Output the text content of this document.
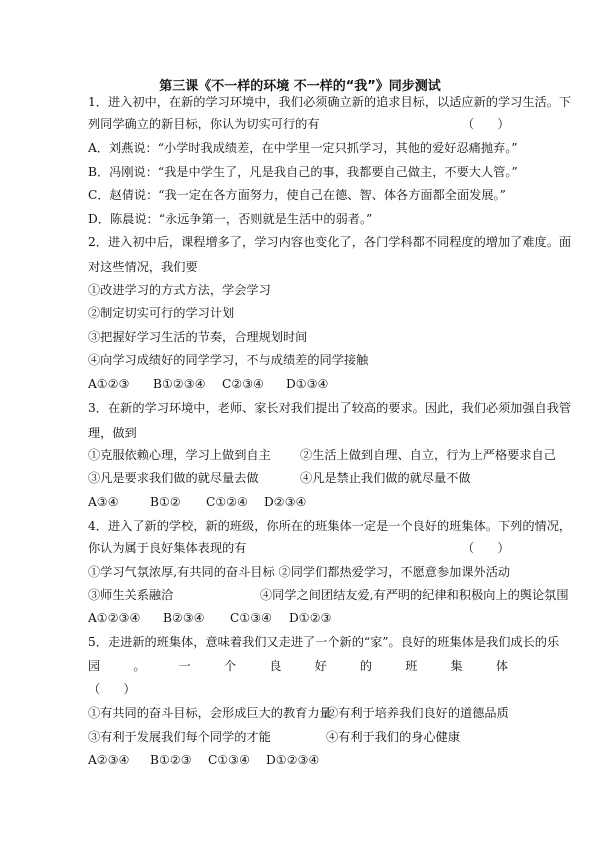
第三课《不一样的环境 不一样的“我”》同步测试
1．进入初中，在新的学习环境中，我们必须确立新的追求目标，以适应新的学习生活。下
列同学确立的新目标，你认为切实可行的有	（      ）
A．刘燕说：“小学时我成绩差，在中学里一定只抓学习，其他的爱好忍痛抛弃。”
B．冯刚说：“我是中学生了，凡是我自己的事，我都要自己做主，不要大人管。”
C．赵倩说：“我一定在各方面努力，使自己在德、智、体各方面都全面发展。”
D．陈晨说：“永远争第一，否则就是生活中的弱者。”
2．进入初中后，课程增多了，学习内容也变化了，各门学科都不同程度的增加了难度。面
对这些情况，我们要
①改进学习的方式方法，学会学习
②制定切实可行的学习计划
③把握好学习生活的节奏，合理规划时间
④向学习成绩好的同学学习，不与成绩差的同学接触
A①②③ B①②③④ C②③④ D①③④
3．在新的学习环境中，老师、家长对我们提出了较高的要求。因此，我们必须加强自我管
理，做到
①克服依赖心理，学习上做到自主 ②生活上做到自理、自立，行为上严格要求自己
③凡是要求我们做的就尽量去做	④凡是禁止我们做的就尽量不做
A③④	B①② C①②④ D②③④
4．进入了新的学校，新的班级，你所在的班集体一定是一个良好的班集体。下列的情况，
你认为属于良好集体表现的有	（      ）
①学习气氛浓厚,有共同的奋斗目标 ②同学们都热爱学习，不愿意参加课外活动
③师生关系融洽	④同学之间团结友爱,有严明的纪律和积极向上的舆论氛围
A①②③④ B②③④ C①③④ D①②③
5．走进新的班集体，意味着我们又走进了一个新的“家”。良好的班集体是我们成长的乐
园	。	一	个	良	好	的	班	集	体
（      ）
①有共同的奋斗目标，会形成巨大的教育力量
②有利于培养我们良好的道德品质
③有利于发展我们每个同学的才能	④有利于我们的身心健康
A②③④ B①②③ C①③④ D①②③④
